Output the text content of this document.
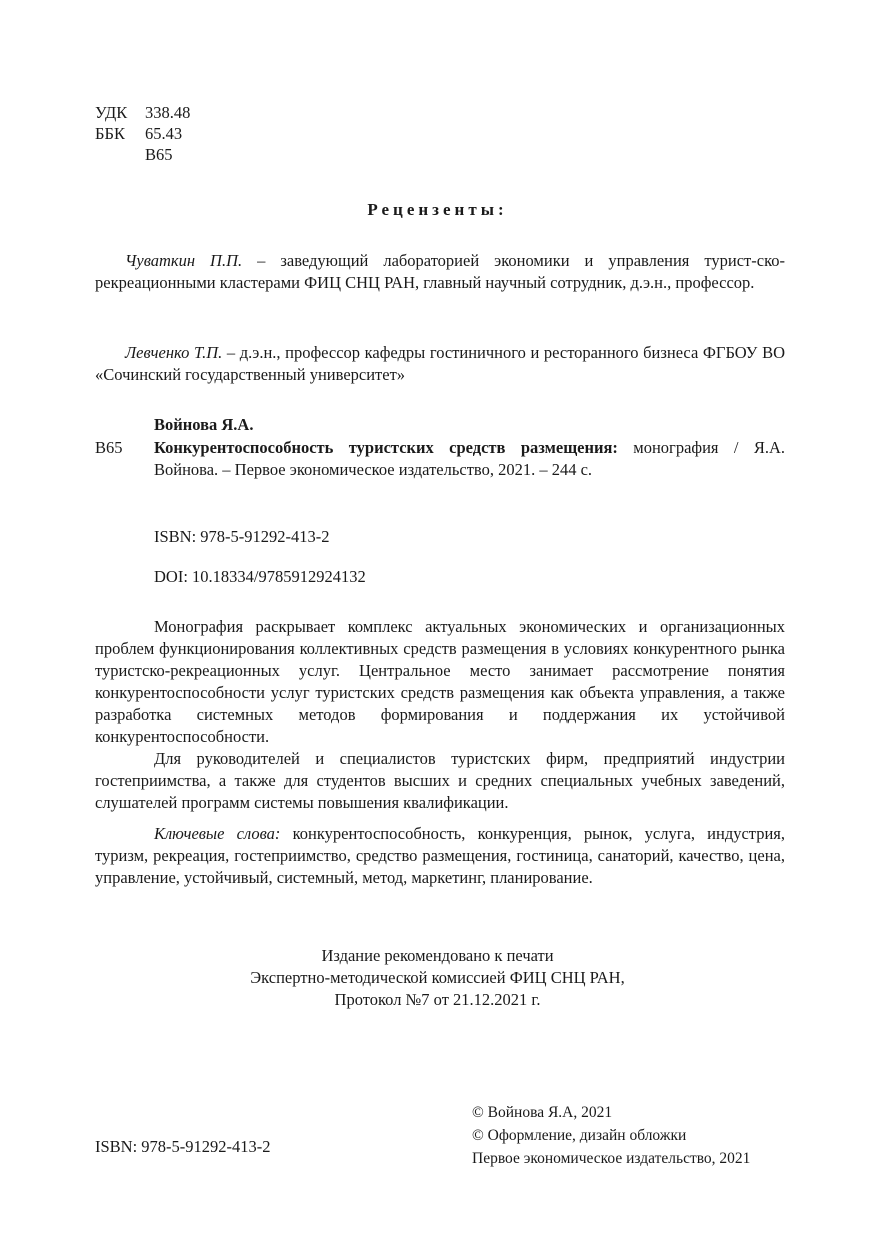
УДК	338.48
ББК	65.43
В65
Рецензенты:
Чуваткин П.П. – заведующий лабораторией экономики и управления турист-ско-рекреационными кластерами ФИЦ СНЦ РАН, главный научный сотрудник, д.э.н., профессор.
Левченко Т.П. – д.э.н., профессор кафедры гостиничного и ресторанного бизнеса ФГБОУ ВО «Сочинский государственный университет»
Войнова Я.А.
В65 Конкурентоспособность туристских средств размещения: монография / Я.А. Войнова. – Первое экономическое издательство, 2021. – 244 с.
ISBN: 978-5-91292-413-2
DOI: 10.18334/9785912924132

Монография раскрывает комплекс актуальных экономических и организационных проблем функционирования коллективных средств размещения в условиях конкурентного рынка туристско-рекреационных услуг. Центральное место занимает рассмотрение понятия конкурентоспособности услуг туристских средств размещения как объекта управления, а также разработка системных методов формирования и поддержания их устойчивой конкурентоспособности.

Для руководителей и специалистов туристских фирм, предприятий индустрии гостеприимства, а также для студентов высших и средних специальных учебных заведений, слушателей программ системы повышения квалификации.

Ключевые слова: конкурентоспособность, конкуренция, рынок, услуга, индустрия, туризм, рекреация, гостеприимство, средство размещения, гостиница, санаторий, качество, цена, управление, устойчивый, системный, метод, маркетинг, планирование.
Издание рекомендовано к печати
Экспертно-методической комиссией ФИЦ СНЦ РАН,
Протокол №7 от 21.12.2021 г.
© Войнова Я.А, 2021
© Оформление, дизайн обложки
Первое экономическое издательство, 2021
ISBN: 978-5-91292-413-2
